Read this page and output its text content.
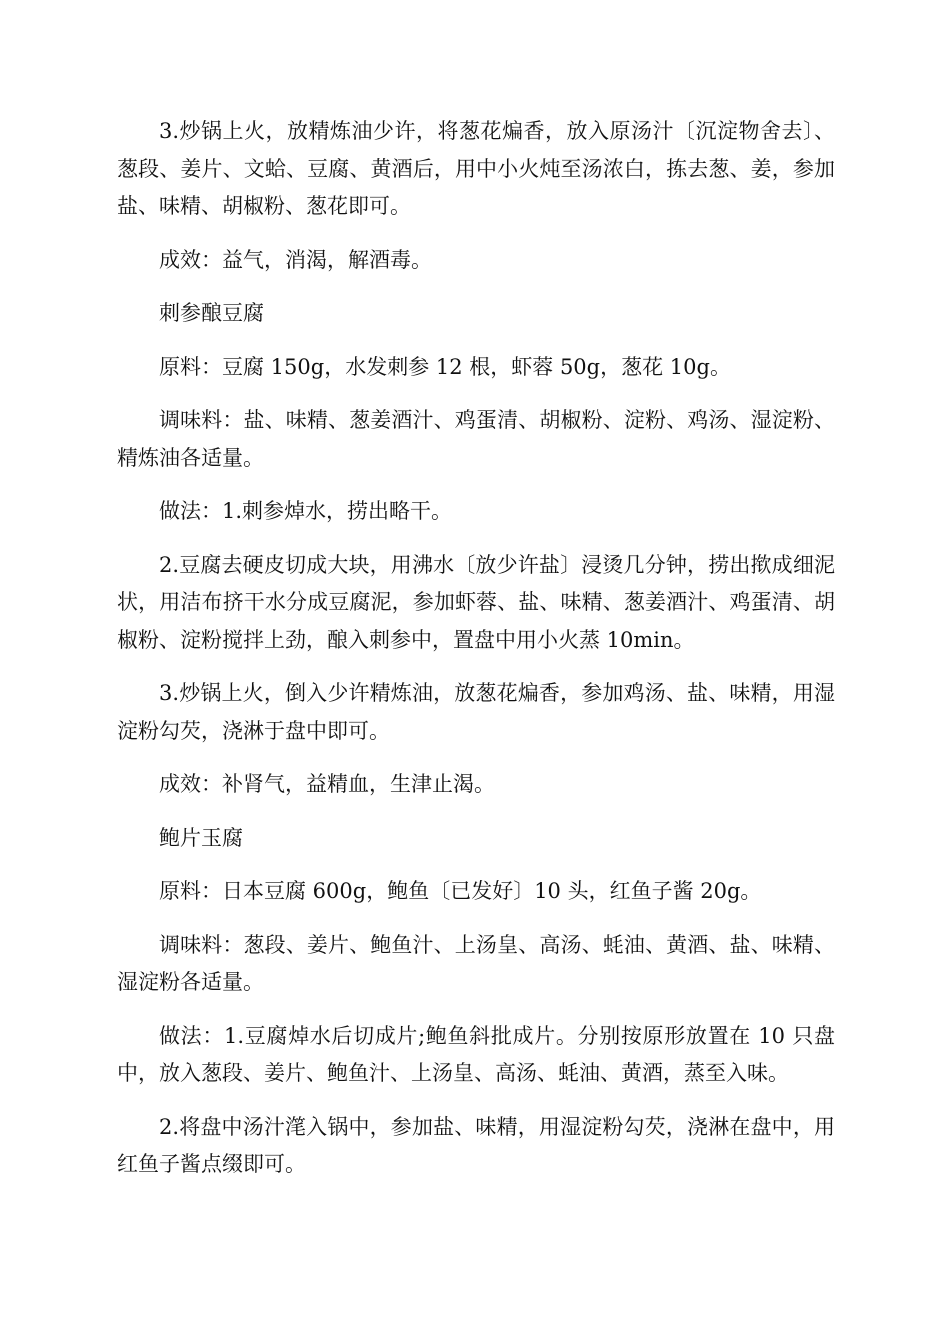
3.炒锅上火，放精炼油少许，将葱花煸香，放入原汤汁〔沉淀物舍去〕、葱段、姜片、文蛤、豆腐、黄酒后，用中小火炖至汤浓白，拣去葱、姜，参加盐、味精、胡椒粉、葱花即可。

成效：益气，消渴，解酒毒。

刺参酿豆腐

原料：豆腐 150g，水发刺参 12 根，虾蓉 50g，葱花 10g。

调味料：盐、味精、葱姜酒汁、鸡蛋清、胡椒粉、淀粉、鸡汤、湿淀粉、精炼油各适量。

做法：1.刺参焯水，捞出略干。

2.豆腐去硬皮切成大块，用沸水〔放少许盐〕浸烫几分钟，捞出揿成细泥状，用洁布挤干水分成豆腐泥，参加虾蓉、盐、味精、葱姜酒汁、鸡蛋清、胡椒粉、淀粉搅拌上劲，酿入刺参中，置盘中用小火蒸 10min。

3.炒锅上火，倒入少许精炼油，放葱花煸香，参加鸡汤、盐、味精，用湿淀粉勾芡，浇淋于盘中即可。

成效：补肾气，益精血，生津止渴。

鲍片玉腐

原料：日本豆腐 600g，鲍鱼〔已发好〕10 头，红鱼子酱 20g。

调味料：葱段、姜片、鲍鱼汁、上汤皇、高汤、蚝油、黄酒、盐、味精、湿淀粉各适量。

做法：1.豆腐焯水后切成片;鲍鱼斜批成片。分别按原形放置在 10 只盘中，放入葱段、姜片、鲍鱼汁、上汤皇、高汤、蚝油、黄酒，蒸至入味。

2.将盘中汤汁滗入锅中，参加盐、味精，用湿淀粉勾芡，浇淋在盘中，用红鱼子酱点缀即可。
